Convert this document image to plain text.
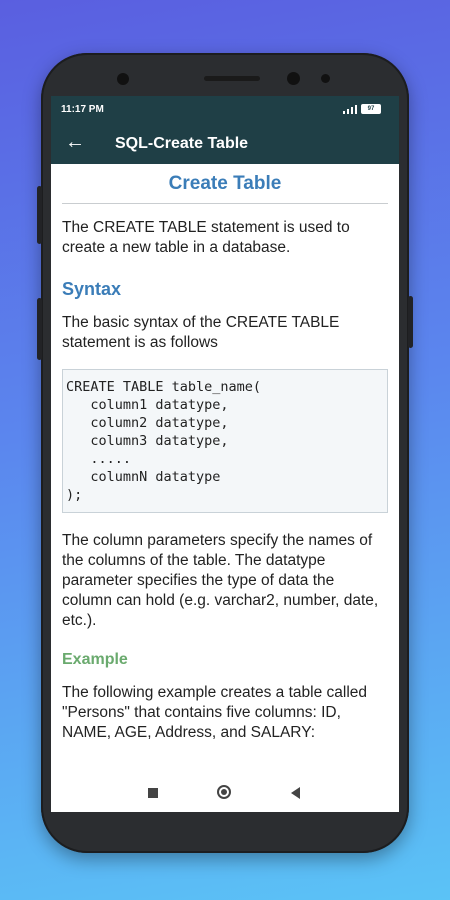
11:17 PM	97
← SQL-Create Table
Create Table

The CREATE TABLE statement is used to create a new table in a database.

Syntax

The basic syntax of the CREATE TABLE statement is as follows

CREATE TABLE table_name(
column1 datatype,
column2 datatype,
column3 datatype,
.....
columnN datatype
);

The column parameters specify the names of the columns of the table. The datatype parameter specifies the type of data the column can hold (e.g. varchar2, number, date, etc.).

Example

The following example creates a table called "Persons" that contains five columns: ID, NAME, AGE, Address, and SALARY:
